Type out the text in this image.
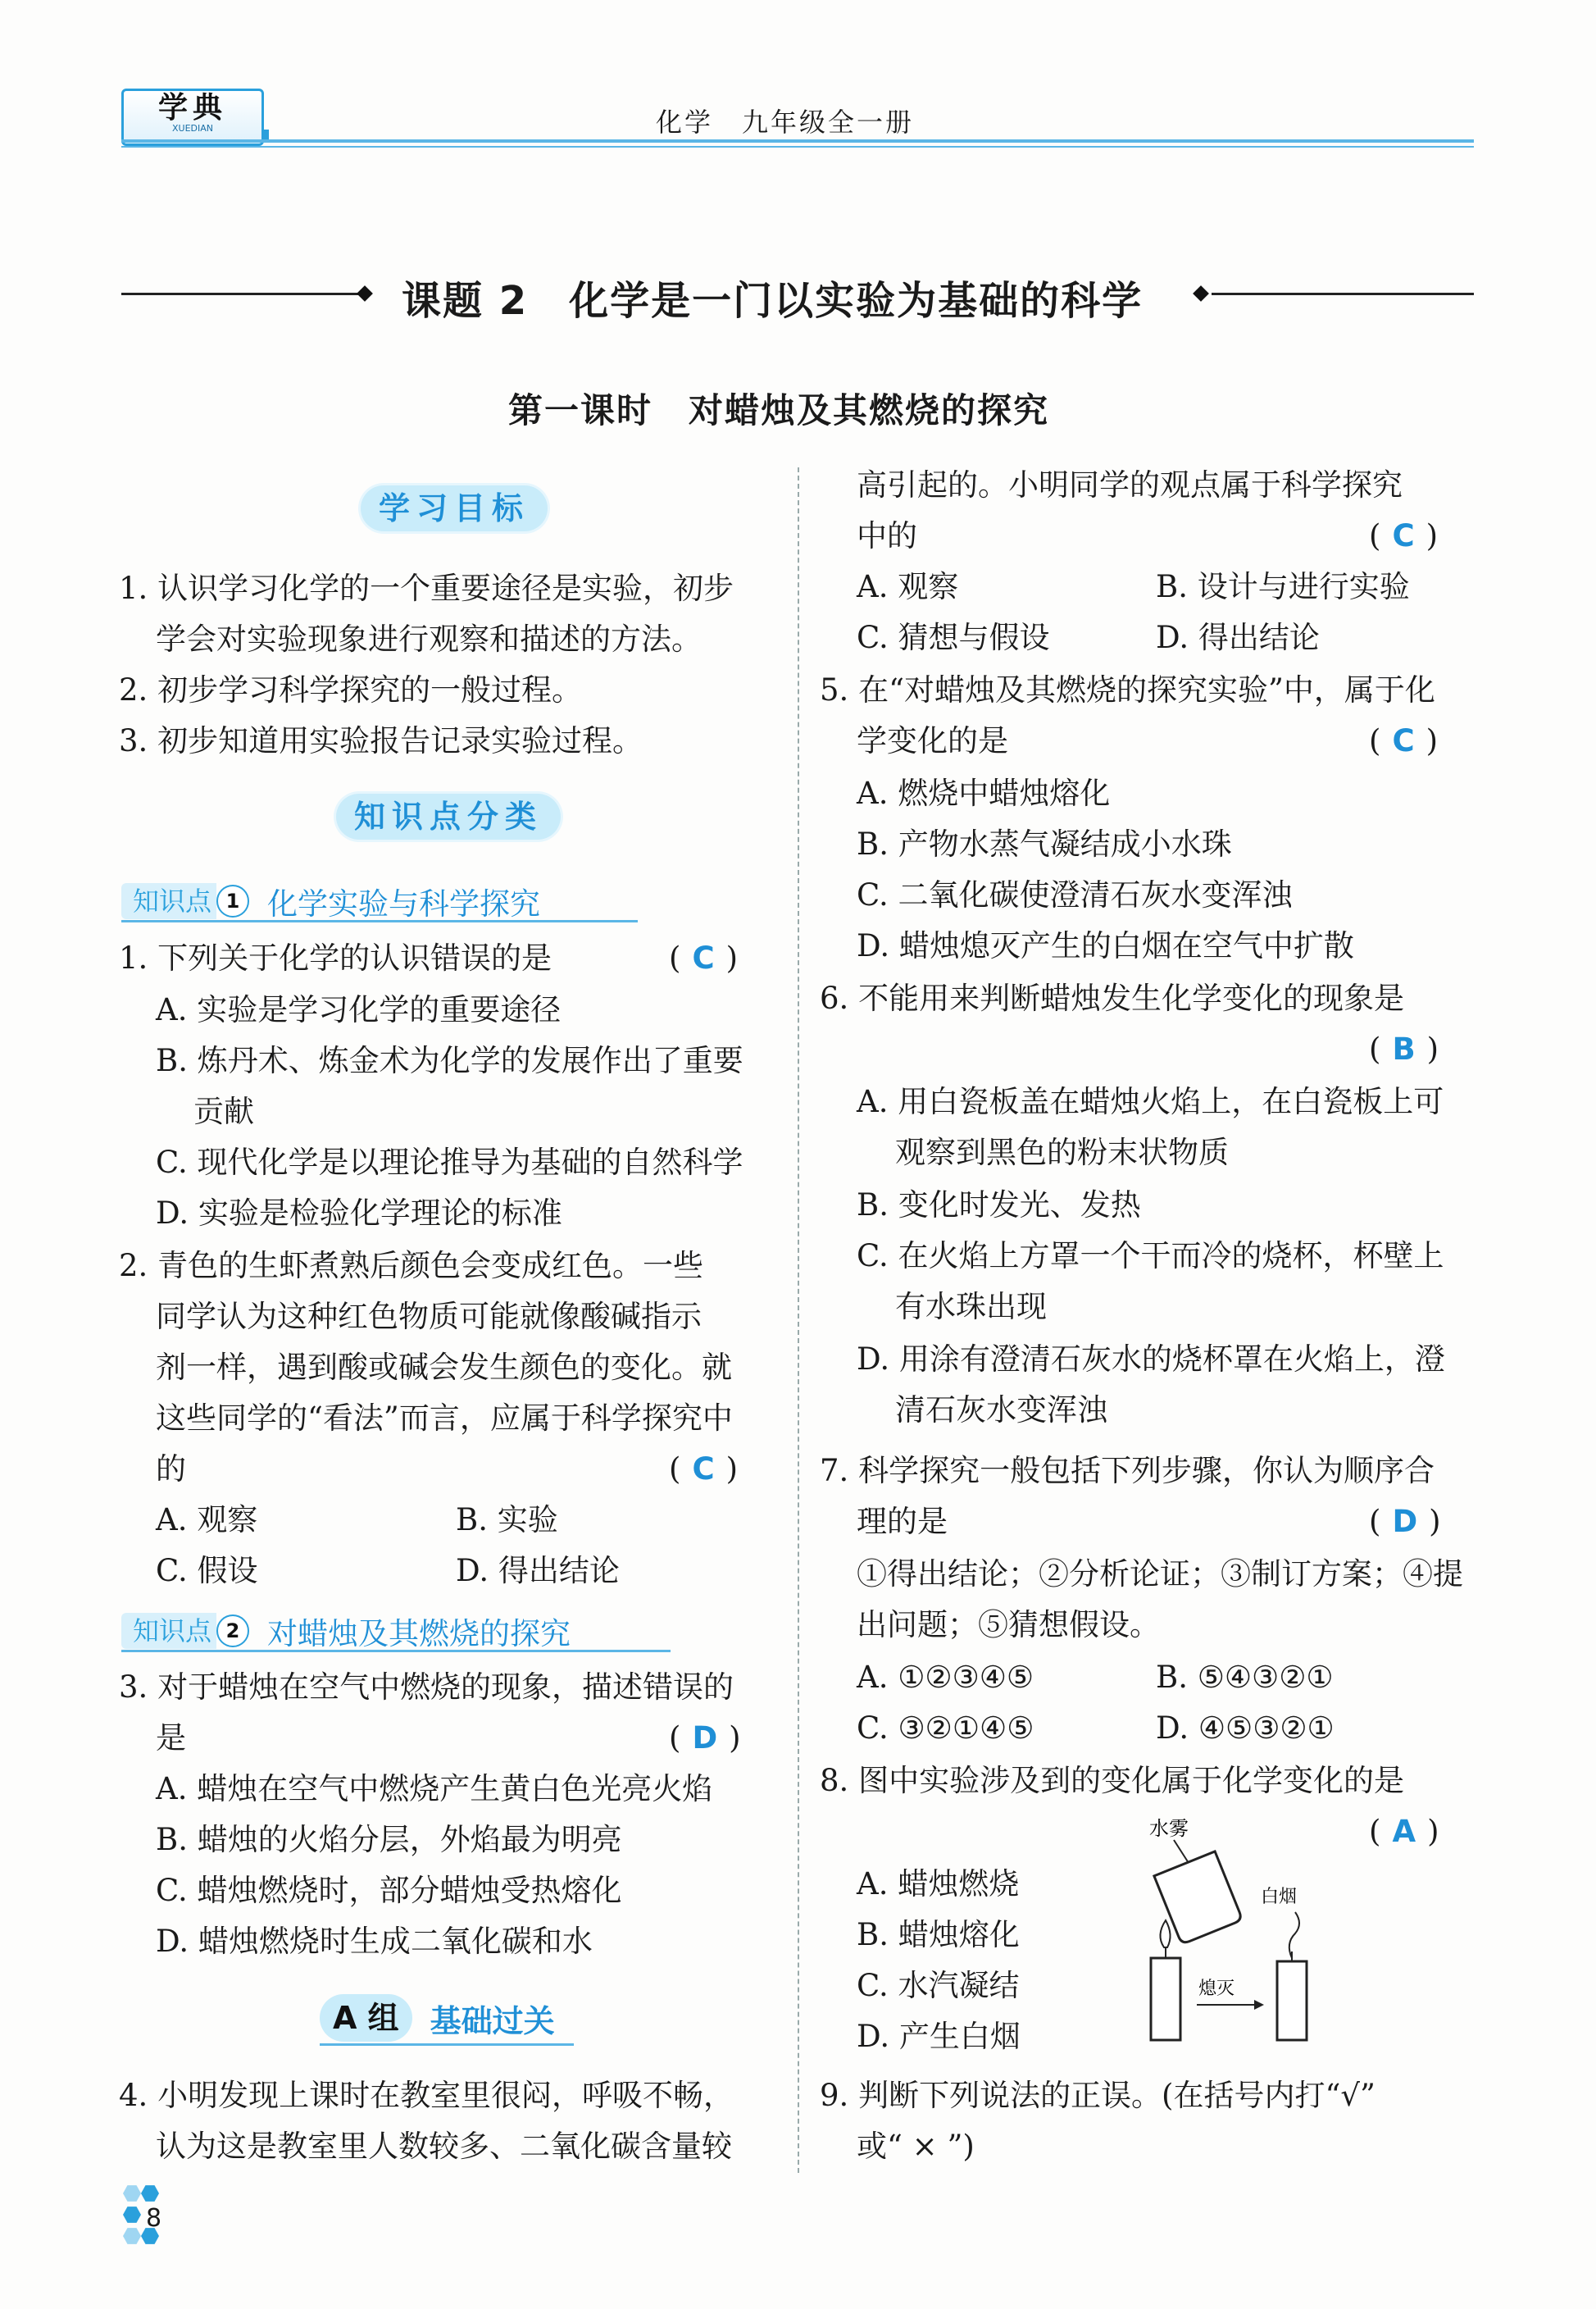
学典
XUEDIAN	化学　九年级全一册
课题 2　化学是一门以实验为基础的科学
第一课时　对蜡烛及其燃烧的探究
学习目标
1. 认识学习化学的一个重要途径是实验，初步
学会对实验现象进行观察和描述的方法。
2. 初步学习科学探究的一般过程。
3. 初步知道用实验报告记录实验过程。
知识点分类
知识点 1 化学实验与科学探究
1. 下列关于化学的认识错误的是	( C )
A. 实验是学习化学的重要途径
B. 炼丹术、炼金术为化学的发展作出了重要
贡献
C. 现代化学是以理论推导为基础的自然科学
D. 实验是检验化学理论的标准
2. 青色的生虾煮熟后颜色会变成红色。一些
同学认为这种红色物质可能就像酸碱指示
剂一样，遇到酸或碱会发生颜色的变化。就
这些同学的“看法”而言，应属于科学探究中
的	( C )
A. 观察	B. 实验
C. 假设	D. 得出结论
知识点 2 对蜡烛及其燃烧的探究
3. 对于蜡烛在空气中燃烧的现象，描述错误的
是	( D )
A. 蜡烛在空气中燃烧产生黄白色光亮火焰
B. 蜡烛的火焰分层，外焰最为明亮
C. 蜡烛燃烧时，部分蜡烛受热熔化
D. 蜡烛燃烧时生成二氧化碳和水
A 组	基础过关
4. 小明发现上课时在教室里很闷，呼吸不畅，
认为这是教室里人数较多、二氧化碳含量较
高引起的。小明同学的观点属于科学探究
中的	( C )
A. 观察	B. 设计与进行实验
C. 猜想与假设	D. 得出结论
5. 在“对蜡烛及其燃烧的探究实验”中，属于化
学变化的是	( C )
A. 燃烧中蜡烛熔化
B. 产物水蒸气凝结成小水珠
C. 二氧化碳使澄清石灰水变浑浊
D. 蜡烛熄灭产生的白烟在空气中扩散
6. 不能用来判断蜡烛发生化学变化的现象是
( B )
A. 用白瓷板盖在蜡烛火焰上，在白瓷板上可
观察到黑色的粉末状物质
B. 变化时发光、发热
C. 在火焰上方罩一个干而冷的烧杯，杯壁上
有水珠出现
D. 用涂有澄清石灰水的烧杯罩在火焰上，澄
清石灰水变浑浊
7. 科学探究一般包括下列步骤，你认为顺序合
理的是	( D )
①得出结论；②分析论证；③制订方案；④提
出问题；⑤猜想假设。
A. ①②③④⑤	B. ⑤④③②①
C. ③②①④⑤	D. ④⑤③②①
8. 图中实验涉及到的变化属于化学变化的是
( A )
A. 蜡烛燃烧
B. 蜡烛熔化
C. 水汽凝结
D. 产生白烟
水雾
熄灭
白烟
9. 判断下列说法的正误。(在括号内打“√”
或“ × ”)
8
